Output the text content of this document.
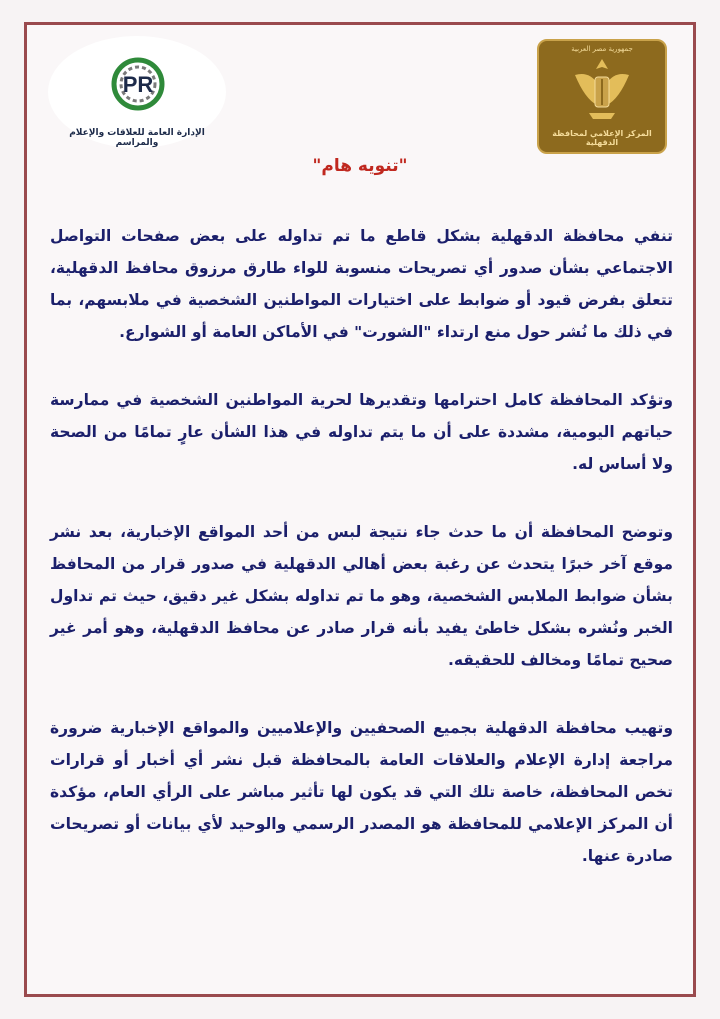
PR
الإدارة العامة للعلاقات والإعلام والمراسم
جمهورية مصر العربية
المركز الإعلامي لمحافظة الدقهلية
"تنويه هام"

تنفي محافظة الدقهلية بشكل قاطع ما تم تداوله على بعض صفحات التواصل الاجتماعي بشأن صدور أي تصريحات منسوبة للواء طارق مرزوق محافظ الدقهلية، تتعلق بفرض قيود أو ضوابط على اختيارات المواطنين الشخصية في ملابسهم، بما في ذلك ما نُشر حول منع ارتداء "الشورت" في الأماكن العامة أو الشوارع.

وتؤكد المحافظة كامل احترامها وتقديرها لحرية المواطنين الشخصية في ممارسة حياتهم اليومية، مشددة على أن ما يتم تداوله في هذا الشأن عارٍ تمامًا من الصحة ولا أساس له.

وتوضح المحافظة أن ما حدث جاء نتيجة لبس من أحد المواقع الإخبارية، بعد نشر موقع آخر خبرًا يتحدث عن رغبة بعض أهالي الدقهلية في صدور قرار من المحافظ بشأن ضوابط الملابس الشخصية، وهو ما تم تداوله بشكل غير دقيق، حيث تم تداول الخبر ونُشره بشكل خاطئ يفيد بأنه قرار صادر عن محافظ الدقهلية، وهو أمر غير صحيح تمامًا ومخالف للحقيقه.

وتهيب محافظة الدقهلية بجميع الصحفيين والإعلاميين والمواقع الإخبارية ضرورة مراجعة إدارة الإعلام والعلاقات العامة بالمحافظة قبل نشر أي أخبار أو قرارات تخص المحافظة، خاصة تلك التي قد يكون لها تأثير مباشر على الرأي العام، مؤكدة أن المركز الإعلامي للمحافظة هو المصدر الرسمي والوحيد لأي بيانات أو تصريحات صادرة عنها.
